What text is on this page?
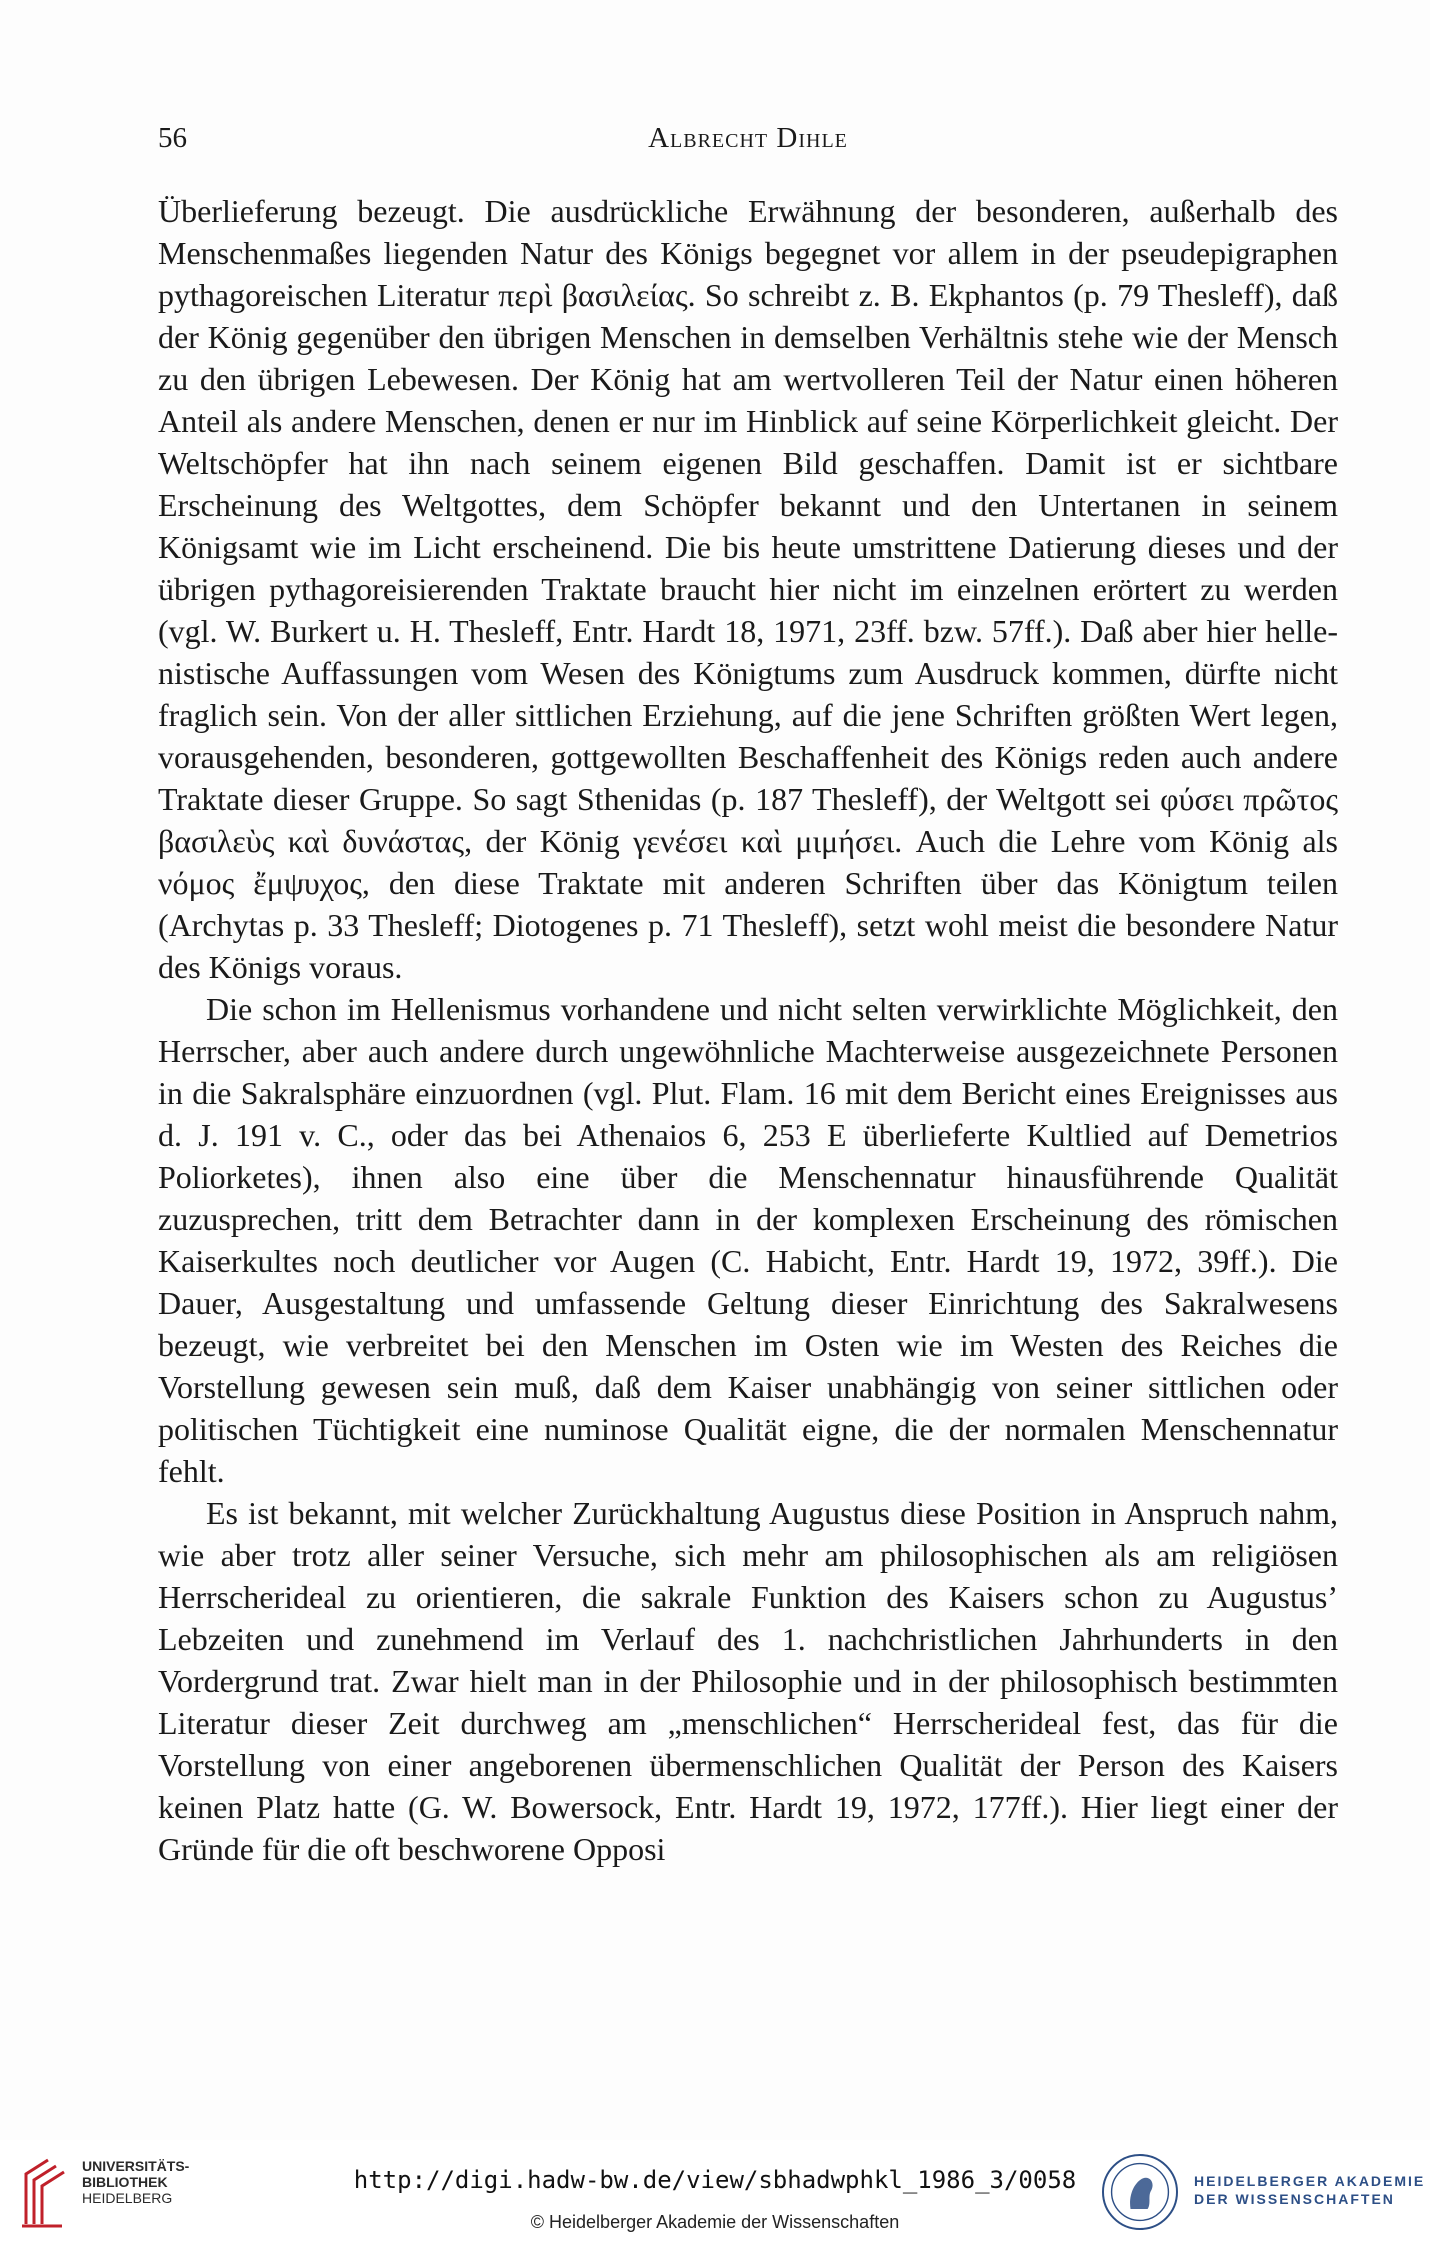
56	Albrecht Dihle

Überlieferung bezeugt. Die ausdrückliche Erwähnung der besonderen, außerhalb des Menschenmaßes liegenden Natur des Königs begegnet vor allem in der pseudepigraphen pythagoreischen Literatur περὶ βασιλείας. So schreibt z. B. Ekphantos (p. 79 Thesleff), daß der König gegenüber den übrigen Menschen in demselben Verhältnis stehe wie der Mensch zu den übrigen Lebewesen. Der König hat am wertvolleren Teil der Natur einen höheren Anteil als andere Menschen, denen er nur im Hinblick auf seine Körperlichkeit gleicht. Der Weltschöpfer hat ihn nach seinem eigenen Bild geschaffen. Damit ist er sichtbare Erscheinung des Weltgottes, dem Schöpfer bekannt und den Untertanen in seinem Königsamt wie im Licht erscheinend. Die bis heute umstrittene Datierung dieses und der übrigen pythagoreisierenden Traktate braucht hier nicht im einzelnen erörtert zu werden (vgl. W. Burkert u. H. Thesleff, Entr. Hardt 18, 1971, 23ff. bzw. 57ff.). Daß aber hier hellenistische Auffassungen vom Wesen des Königtums zum Ausdruck kommen, dürfte nicht fraglich sein. Von der aller sittlichen Erziehung, auf die jene Schriften größten Wert legen, vorausgehenden, besonderen, gottgewollten Beschaffenheit des Königs reden auch andere Traktate dieser Gruppe. So sagt Sthenidas (p. 187 Thesleff), der Weltgott sei φύσει πρῶτος βασιλεὺς καὶ δυνάστας, der König γενέσει καὶ μιμήσει. Auch die Lehre vom König als νόμος ἔμψυχος, den diese Traktate mit anderen Schriften über das Königtum teilen (Archytas p. 33 Thesleff; Diotogenes p. 71 Thesleff), setzt wohl meist die besondere Natur des Königs voraus.

Die schon im Hellenismus vorhandene und nicht selten verwirklichte Möglichkeit, den Herrscher, aber auch andere durch ungewöhnliche Machterweise ausgezeichnete Personen in die Sakralsphäre einzuordnen (vgl. Plut. Flam. 16 mit dem Bericht eines Ereignisses aus d. J. 191 v. C., oder das bei Athenaios 6, 253 E überlieferte Kultlied auf Demetrios Poliorketes), ihnen also eine über die Menschennatur hinausführende Qualität zuzusprechen, tritt dem Betrachter dann in der komplexen Erscheinung des römischen Kaiserkultes noch deutlicher vor Augen (C. Habicht, Entr. Hardt 19, 1972, 39ff.). Die Dauer, Ausgestaltung und umfassende Geltung dieser Einrichtung des Sakralwesens bezeugt, wie verbreitet bei den Menschen im Osten wie im Westen des Reiches die Vorstellung gewesen sein muß, daß dem Kaiser unabhängig von seiner sittlichen oder politischen Tüchtigkeit eine numinose Qualität eigne, die der normalen Menschennatur fehlt.

Es ist bekannt, mit welcher Zurückhaltung Augustus diese Position in Anspruch nahm, wie aber trotz aller seiner Versuche, sich mehr am philosophischen als am religiösen Herrscherideal zu orientieren, die sakrale Funktion des Kaisers schon zu Augustus’ Lebzeiten und zunehmend im Verlauf des 1. nachchristlichen Jahrhunderts in den Vordergrund trat. Zwar hielt man in der Philosophie und in der philosophisch bestimmten Literatur dieser Zeit durchweg am „menschlichen“ Herrscherideal fest, das für die Vorstellung von einer angeborenen übermenschlichen Qualität der Person des Kaisers keinen Platz hatte (G. W. Bowersock, Entr. Hardt 19, 1972, 177ff.). Hier liegt einer der Gründe für die oft beschworene Opposi

UNIVERSITÄTS-
BIBLIOTHEK
HEIDELBERG
http://digi.hadw-bw.de/view/sbhadwphkl_1986_3/0058
© Heidelberger Akademie der Wissenschaften
HEIDELBERGER AKADEMIE
DER WISSENSCHAFTEN
